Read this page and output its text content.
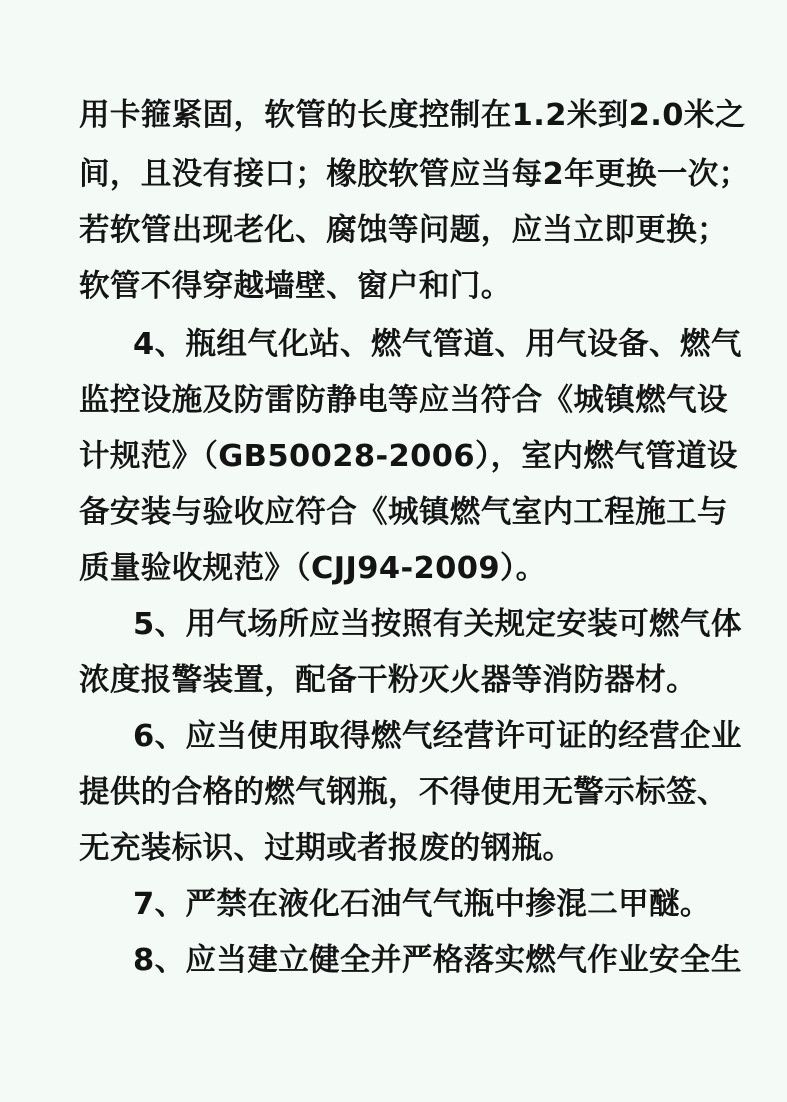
用卡箍紧固，软管的长度控制在1.2米到2.0米之
间，且没有接口；橡胶软管应当每2年更换一次；
若软管出现老化、腐蚀等问题，应当立即更换；
软管不得穿越墙壁、窗户和门。
4、瓶组气化站、燃气管道、用气设备、燃气
监控设施及防雷防静电等应当符合《城镇燃气设
计规范》（GB50028-2006），室内燃气管道设
备安装与验收应符合《城镇燃气室内工程施工与
质量验收规范》（CJJ94-2009）。
5、用气场所应当按照有关规定安装可燃气体
浓度报警装置，配备干粉灭火器等消防器材。
6、应当使用取得燃气经营许可证的经营企业
提供的合格的燃气钢瓶，不得使用无警示标签、
无充装标识、过期或者报废的钢瓶。
7、严禁在液化石油气气瓶中掺混二甲醚。
8、应当建立健全并严格落实燃气作业安全生
